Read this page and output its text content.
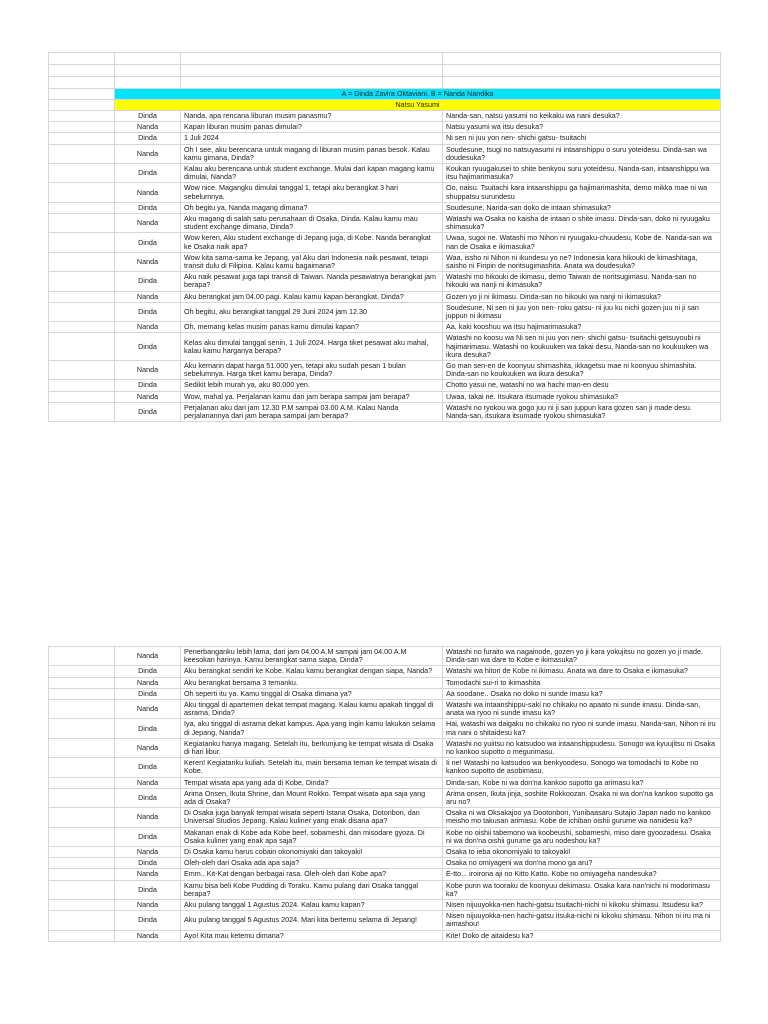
	A = Dinda Zavira Oktaviani, B = Nanda Nandika		
	Natsu Yasumi		
	Dinda	Nanda, apa rencana liburan musim panasmu?	Nanda-san, natsu yasumi no keikaku wa nani desuka?
	Nanda	Kapan liburan musim panas dimulai?	Natsu yasumi wa itsu desuka?
	Dinda	1 Juli 2024	Ni sen ni juu yon nen- shichi gatsu- tsuitachi
	Nanda	Oh I see, aku berencana untuk magang di liburan musim panas besok. Kalau kamu gimana, Dinda?	Soudesune, tsugi no natsuyasumi ni intaanshippu o suru yoteidesu. Dinda-san wa doudesuka?
	Dinda	Kalau aku berencana untuk student exchange. Mulai dari kapan magang kamu dimulai, Nanda?	Koukan ryuugakusei to shite benkyou suru yoteidesu. Nanda-san, intaanshippu wa itsu hajimarimasuka?
	Nanda	Wow nice. Magangku dimulai tanggal 1, tetapi aku berangkat 3 hari sebelumnya.	Oo, naisu. Tsuitachi kara intaanshippu ga hajimarimashita, demo mikka mae ni wa shuppatsu surundesu
	Dinda	Oh begitu ya, Nanda magang dimana?	Soudesune, Nanda-san doko de intaan shimasuka?
	Nanda	Aku magang di salah satu perusahaan di Osaka, Dinda. Kalau kamu mau student exchange dimana, Dinda?	Watashi wa Osaka no kaisha de intaan o shite imasu. Dinda-san, doko ni ryuugaku shimasuka?
	Dinda	Wow keren, Aku student exchange di Jepang juga, di Kobe. Nanda berangkat ke Osaka naik apa?	Uwaa, sugoi ne. Watashi mo Nihon ni ryuugaku-chuudesu, Kobe de. Nanda-san wa nan de Osaka e ikimasuka?
	Nanda	Wow kita sama-sama ke Jepang, ya! Aku dari Indonesia naik pesawat, tetapi transit dulu di Filipina. Kalau kamu bagaimana?	Waa, issho ni Nihon ni ikundesu yo ne? Indonesia kara hikouki de kimashitaga, saisho ni Firipin de noritsugimashita. Anata wa doudesuka?
	Dinda	Aku naik pesawat juga tapi transit di Taiwan. Nanda pesawatnya berangkat jam berapa?	Watashi mo hikouki de ikimasu, demo Taiwan de noritsugimasu. Nanda-san no hikouki wa nanji ni ikimasuka?
	Nanda	Aku berangkat jam 04.00 pagi. Kalau kamu kapan berangkat, Dinda?	Gozen yo ji ni ikimasu. Dinda-san no hikouki wa nanji ni ikimasuka?
	Dinda	Oh begitu, aku berangkat tanggal 29 Juni 2024 jam 12.30	Soudesune, Ni sen ni juu yon nen- roku gatsu- ni juu ku nichi gozen juu ni ji san juppun ni ikimasu
	Nanda	Oh, memang kelas musim panas kamu dimulai kapan?	Aa, kaki kooshuu wa itsu hajimarimasuka?
	Dinda	Kelas aku dimulai tanggal senin, 1 Juli 2024. Harga tiket pesawat aku mahal, kalau kamu harganya berapa?	Watashi no koosu wa Ni sen ni juu yon nen- shichi gatsu- tsuitachi getsuyoubi ni hajimarimasu. Watashi no koukuuken wa takai desu, Nanda-san no koukuuken wa ikura desuka?
	Nanda	Aku kemarin dapat harga 51.000 yen, tetapi aku sudah pesan 1 bulan sebelumnya. Harga tiket kamu berapa, Dinda?	Go man sen-en de koonyuu shimashita, ikkagetsu mae ni koonyuu shimashita. Dinda-san no koukuuken wa ikura desuka?
	Dinda	Sedikit lebih murah ya, aku 80.000 yen.	Chotto yasui ne, watashi no wa hachi man-en desu
	Nanda	Wow, mahal ya. Perjalanan kamu dari jam berapa sampai jam berapa?	Uwaa, takai ne. Itsukara itsumade ryokou shimasuka?
	Dinda	Perjalanan aku dari jam 12.30 P.M sampai 03.00 A.M. Kalau Nanda perjalanannya dari jam berapa sampai jam berapa?	Watashi no ryokou wa gogo juu ni ji san juppun kara gozen san ji made desu. Nanda-san, itsukara itsumade ryokou shimasuka?
	Nanda	Penerbanganku lebih lama, dari jam 04.00 A.M sampai jam 04.00 A.M keesokan harinya. Kamu berangkat sama siapa, Dinda?	Watashi no furaito wa nagainode, gozen yo ji kara yokujitsu no gozen yo ji made. Dinda-san wa dare to Kobe e ikimasuka?
	Dinda	Aku berangkat sendiri ke Kobe. Kalau kamu berangkat dengan siapa, Nanda?	Watashi wa hitori de Kobe ni ikimasu. Anata wa dare to Osaka e ikimasuka?
	Nanda	Aku berangkat bersama 3 temanku.	Tomodachi sui-ri to ikimashita
	Dinda	Oh seperti itu ya. Kamu tinggal di Osaka dimana ya?	Aa soodane.. Osaka no doko ni sunde imasu ka?
	Nanda	Aku tinggal di apartemen dekat tempat magang. Kalau kamu apakah tinggal di asrama, Dinda?	Watashi wa intaanshippu-saki no chikaku no apaato ni sunde imasu. Dinda-san, anata wa ryoo ni sunde imasu ka?
	Dinda	Iya, aku tinggal di asrama dekat kampus. Apa yang ingin kamu lakukan selama di Jepang, Nanda?	Hai, watashi wa daigaku no chikaku no ryoo ni sunde imasu. Nanda-san, Nihon ni iru ma nani o shitaidesu ka?
	Nanda	Kegiatanku hanya magang. Setelah itu, berkunjung ke tempat wisata di Osaka di hari libur.	Watashi no yuiitsu no katsudoo wa intaanshippudesu. Sonogo wa kyuujitsu ni Osaka no kankoo supotto o megurimasu.
	Dinda	Keren! Kegiatanku kuliah. Setelah itu, main bersama teman ke tempat wisata di Kobe.	Ii ne! Watashi no katsudoo wa benkyoodesu. Sonogo wa tomodachi to Kobe no kankoo supotto de asobimasu.
	Nanda	Tempat wisata apa yang ada di Kobe, Dinda?	Dinda-san, Kobe ni wa don'na kankoo supotto ga arimasu ka?
	Dinda	Arima Onsen, Ikuta Shrine, dan Mount Rokko. Tempat wisata apa saja yang ada di Osaka?	Arima onsen, Ikuta jinja, soshite Rokkoozan. Osaka ni wa don'na kankoo supotto ga aru no?
	Nanda	Di Osaka juga banyak tempat wisata seperti Istana Osaka, Dotonbori, dan Universal Studios Jepang. Kalau kuliner yang enak disana apa?	Osaka ni wa Oksakajoo ya Dootonbori, Yunibaasaru Sutajio Japan nado no kankoo meisho mo takusan arimasu. Kobe de ichiban oishii gurume wa nanidesu ka?
	Dinda	Makanan enak di Kobe ada Kobe beef, sobameshi, dan misodare gyoza. Di Osaka kuliner yang enak apa saja?	Kobe no oishii tabemono wa koobeushi, sobameshi, miso dare gyoozadesu. Osaka ni wa don'na oishii gurume ga aru nodeshou ka?
	Nanda	Di Osaka kamu harus cobain okonomiyaki dan takoyaki!	Osaka to ieba okonomiyaki to takoyaki!
	Dinda	Oleh-oleh dari Osaka ada apa saja?	Osaka no omiyageni wa don'na mono ga aru?
	Nanda	Emm.. Kit-Kat dengan berbagai rasa. Oleh-oleh dari Kobe apa?	E-tto... iroirona aji no Kitto Katto. Kobe no omiyageha nandesuka?
	Dinda	Kamu bisa beli Kobe Pudding di Toraku. Kamu pulang dari Osaka tanggal berapa?	Kobe purin wa tooraku de koonyuu dekimasu. Osaka kara nan'nichi ni modorimasu ka?
	Nanda	Aku pulang tanggal 1 Agustus 2024. Kalau kamu kapan?	Nisen nijuuyokka-nen hachi-gatsu tsuitachi-nichi ni kikoku shimasu. Itsudesu ka?
	Dinda	Aku pulang tanggal 5 Agustus 2024. Mari kita bertemu selama di Jepang!	Nisen nijuuyokka-nen hachi-gatsu itsuka-nichi ni kikoku shimasu. Nihon ni iru ma ni aimashou!
	Nanda	Ayo! Kita mau ketemu dimana?	Kite! Doko de aitaidesu ka?
